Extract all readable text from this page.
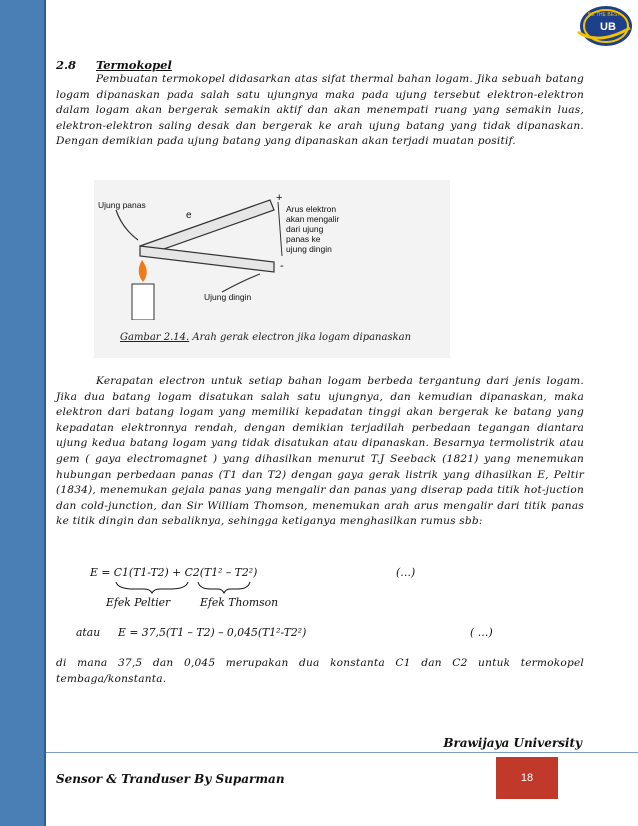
UB
BE THE BEST
2.8 Termokopel
Pembuatan termokopel didasarkan atas sifat thermal bahan logam. Jika sebuah batang logam dipanaskan pada salah satu ujungnya maka pada ujung tersebut elektron-elektron dalam logam akan bergerak semakin aktif dan akan menempati ruang yang semakin luas, elektron-elektron saling desak dan bergerak ke arah ujung batang yang tidak dipanaskan. Dengan demikian pada ujung batang yang dipanaskan akan terjadi muatan positif.
Ujung panas
e
+
-
Ujung dingin
Arus elektron
akan mengalir
dari ujung
panas ke
ujung dingin
Gambar 2.14. Arah gerak electron jika logam dipanaskan
Kerapatan electron untuk setiap bahan logam berbeda tergantung dari jenis logam. Jika dua batang logam disatukan salah satu ujungnya, dan kemudian dipanaskan, maka elektron dari batang logam yang memiliki kepadatan tinggi akan bergerak ke batang yang kepadatan elektronnya rendah, dengan demikian terjadilah perbedaan tegangan diantara ujung kedua batang logam yang tidak disatukan atau dipanaskan. Besarnya termolistrik atau gem ( gaya electromagnet ) yang dihasilkan menurut T.J Seeback (1821) yang menemukan hubungan perbedaan panas (T1 dan T2) dengan gaya gerak listrik yang dihasilkan E, Peltir (1834), menemukan gejala panas yang mengalir dan panas yang diserap pada titik hot-juction dan cold-junction, dan Sir William Thomson, menemukan arah arus mengalir dari titik panas ke titik dingin dan sebaliknya, sehingga ketiganya menghasilkan rumus sbb:
E = C1(T1-T2) + C2(T1² – T2²)	(…)
Efek Peltier	Efek Thomson
atau E = 37,5(T1 – T2) – 0,045(T1²-T2²)	( …)
di mana 37,5 dan 0,045 merupakan dua konstanta C1 dan C2 untuk termokopel tembaga/konstanta.
Brawijaya University
Sensor & Tranduser By Suparman	18
